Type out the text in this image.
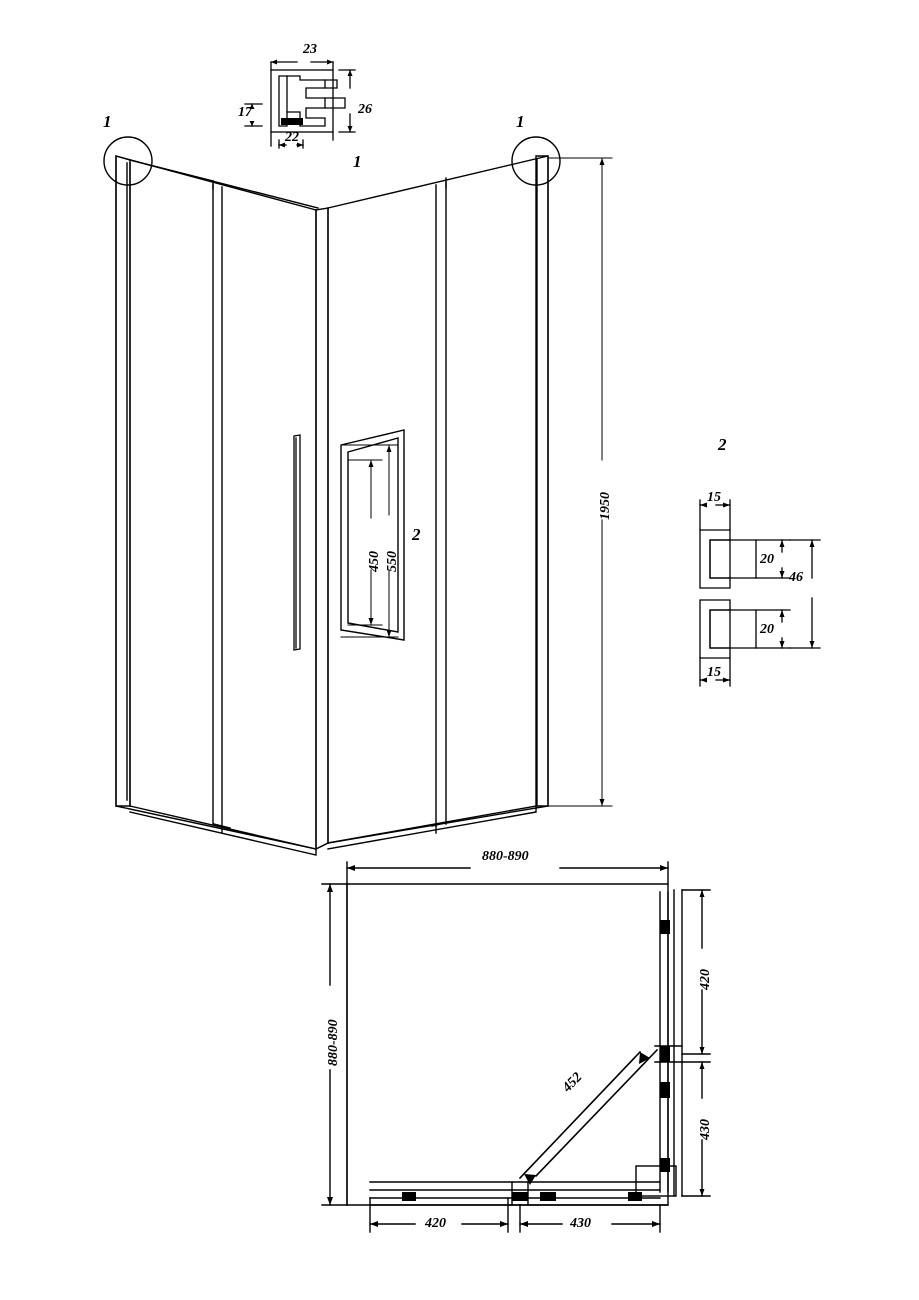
1	1
1
2
2
23
22
26
17
1950
550
450
15
20
20
15
46
880-890
880-890
420
430
420	430
452
